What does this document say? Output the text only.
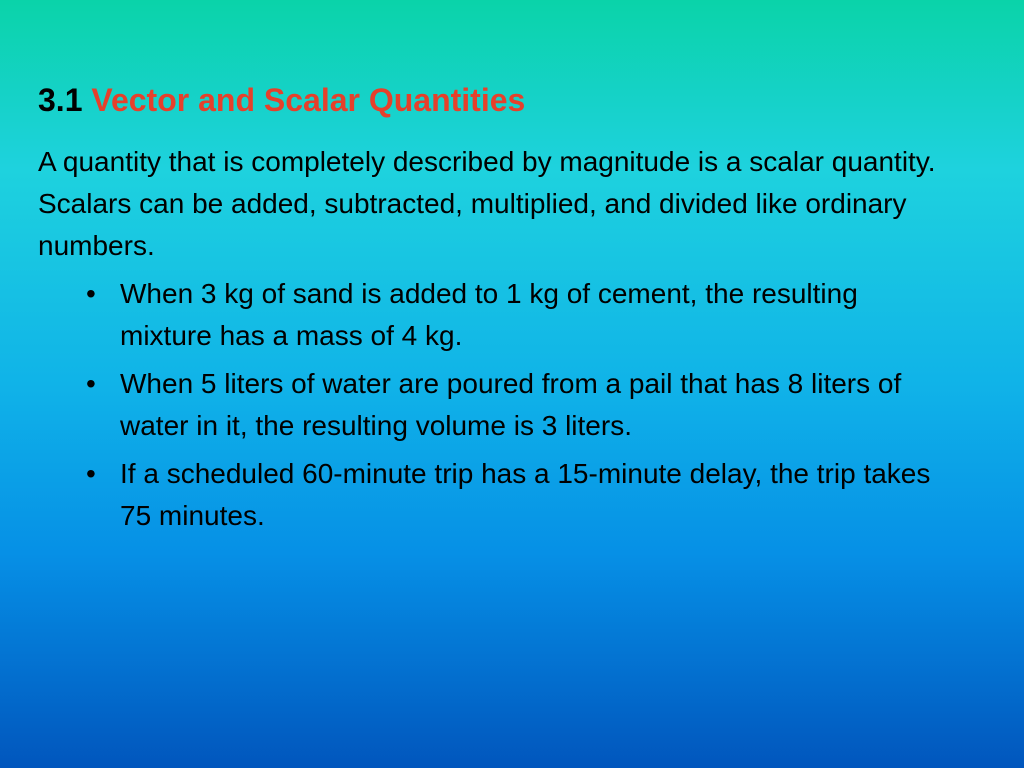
3.1 Vector and Scalar Quantities

A quantity that is completely described by magnitude is a scalar quantity. Scalars can be added, subtracted, multiplied, and divided like ordinary numbers.

• When 3 kg of sand is added to 1 kg of cement, the resulting mixture has a mass of 4 kg.
• When 5 liters of water are poured from a pail that has 8 liters of water in it, the resulting volume is 3 liters.
• If a scheduled 60-minute trip has a 15-minute delay, the trip takes 75 minutes.
